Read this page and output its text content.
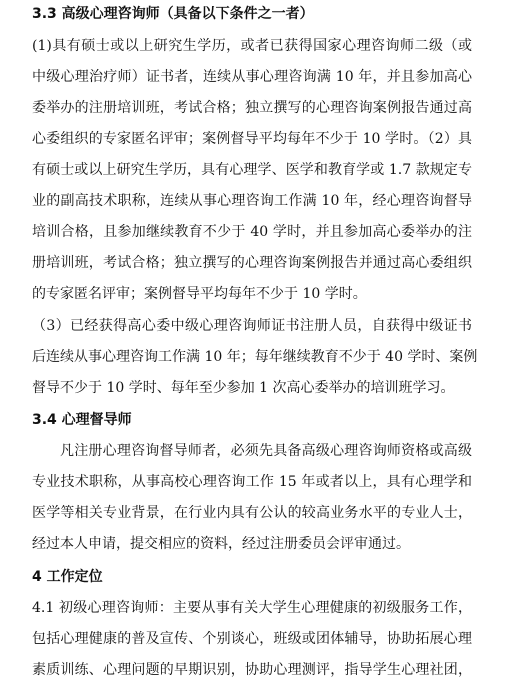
3.3 高级心理咨询师（具备以下条件之一者）
(1)具有硕士或以上研究生学历，或者已获得国家心理咨询师二级（或
中级心理治疗师）证书者，连续从事心理咨询满 10 年，并且参加高心
委举办的注册培训班，考试合格；独立撰写的心理咨询案例报告通过高
心委组织的专家匿名评审；案例督导平均每年不少于 10 学时。（2）具
有硕士或以上研究生学历，具有心理学、医学和教育学或 1.7 款规定专
业的副高技术职称，连续从事心理咨询工作满 10 年，经心理咨询督导
培训合格，且参加继续教育不少于 40 学时，并且参加高心委举办的注
册培训班，考试合格；独立撰写的心理咨询案例报告并通过高心委组织
的专家匿名评审；案例督导平均每年不少于 10 学时。
（3）已经获得高心委中级心理咨询师证书注册人员，自获得中级证书
后连续从事心理咨询工作满 10 年；每年继续教育不少于 40 学时、案例
督导不少于 10 学时、每年至少参加 1 次高心委举办的培训班学习。
3.4 心理督导师
凡注册心理咨询督导师者，必须先具备高级心理咨询师资格或高级
专业技术职称，从事高校心理咨询工作 15 年或者以上，具有心理学和
医学等相关专业背景，在行业内具有公认的较高业务水平的专业人士，
经过本人申请，提交相应的资料，经过注册委员会评审通过。
4 工作定位
4.1 初级心理咨询师：主要从事有关大学生心理健康的初级服务工作，
包括心理健康的普及宣传、个别谈心，班级或团体辅导，协助拓展心理
素质训练、心理问题的早期识别，协助心理测评，指导学生心理社团，
